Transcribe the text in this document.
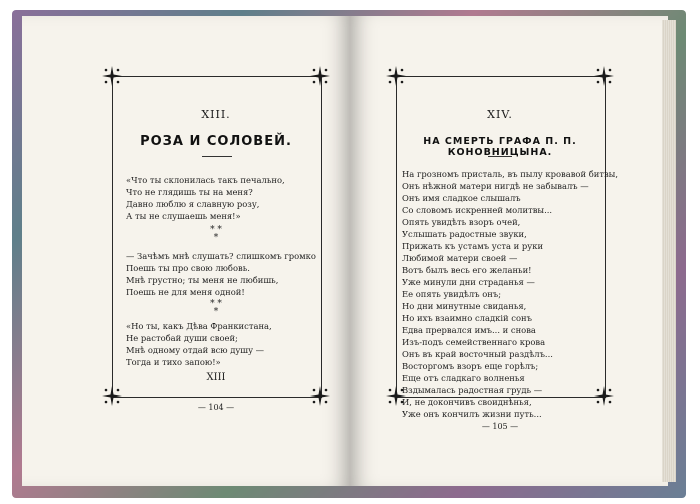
XIII.
РОЗА И СОЛОВЕЙ.
«Что ты склонилась такъ печально,
Что не глядишь ты на меня?
Давно люблю я славную розу,
А ты не слушаешь меня!»
* *
*
— Зачѣмъ мнѣ слушать? слишкомъ громко
Поешь ты про свою любовь.
Мнѣ грустно; ты меня не любишь,
Поешь не для меня одной!
* *
*
«Но ты, какъ Дѣва Франкистана,
Не растобай души своей;
Мнѣ одному отдай всю душу —
Тогда и тихо запою!»
XIII
— 104 —
XIV.
НА СМЕРТЬ ГРАФА П. П. КОНОВНИЦЫНА.
На грозномъ присталь, въ пылу кровавой битвы,
Онъ нѣжной матери нигдѣ не забывалъ —
Онъ имя сладкое слышалъ
Со словомъ искренней молитвы...
Опять увидѣть взоръ очей,
Услышать радостные звуки,
Прижать къ устамъ уста и руки
Любимой матери своей —
Вотъ былъ весь его желаньи!
Уже минули дни страданья —
Ее опять увидѣлъ онъ;
Но дни минутные свиданья,
Но ихъ взаимно сладкій сонъ
Едва прервался имъ... и снова
Изъ-подъ семейственнаго крова
Онъ въ край восточный раздѣлъ...
Восторгомъ взоръ еще горѣлъ;
Еще отъ сладкаго волненья
Вздымалась радостная грудь —
И, не докончивъ своиднѣнья,
Уже онъ кончилъ жизни путь...
— 105 —
